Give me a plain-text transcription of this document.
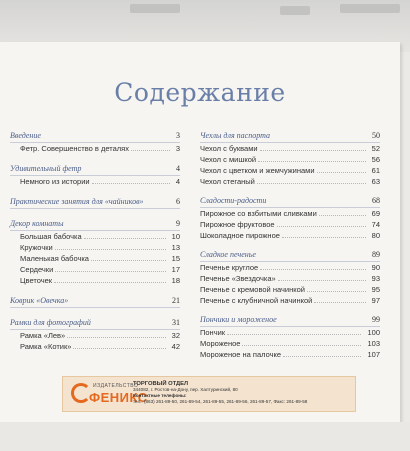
Содержание
Введение	3
Фетр. Совершенство в деталях	3
Удивительный фетр	4
Немного из истории	4
Практические занятия для «чайников»	6
Декор комнаты	9
Большая бабочка	10
Кружочки	13
Маленькая бабочка	15
Сердечки	17
Цветочек	18
Коврик «Овечка»	21
Рамки для фотографий	31
Рамка «Лев»	32
Рамка «Котик»	42
Чехлы для паспорта	50
Чехол с буквами	52
Чехол с мишкой	56
Чехол с цветком и жемчужинами	61
Чехол стеганый	63
Сладости-радости	68
Пирожное со взбитыми сливками	69
Пирожное фруктовое	74
Шоколадное пирожное	80
Сладкое печенье	89
Печенье круглое	90
Печенье «Звездочка»	93
Печенье с кремовой начинкой	95
Печенье с клубничной начинкой	97
Пончики и мороженое	99
Пончик	100
Мороженое	103
Мороженое на палочке	107
ИЗДАТЕЛЬСТВО
ФЕНИКС
ТОРГОВЫЙ ОТДЕЛ
344082, г. Ростов-на-Дону, пер. Халтуринский, 80
Контактные телефоны:
тел.: (863) 261-89-50, 261-89-54, 261-89-55, 261-89-56, 261-89-57, Факс: 261-89-58
